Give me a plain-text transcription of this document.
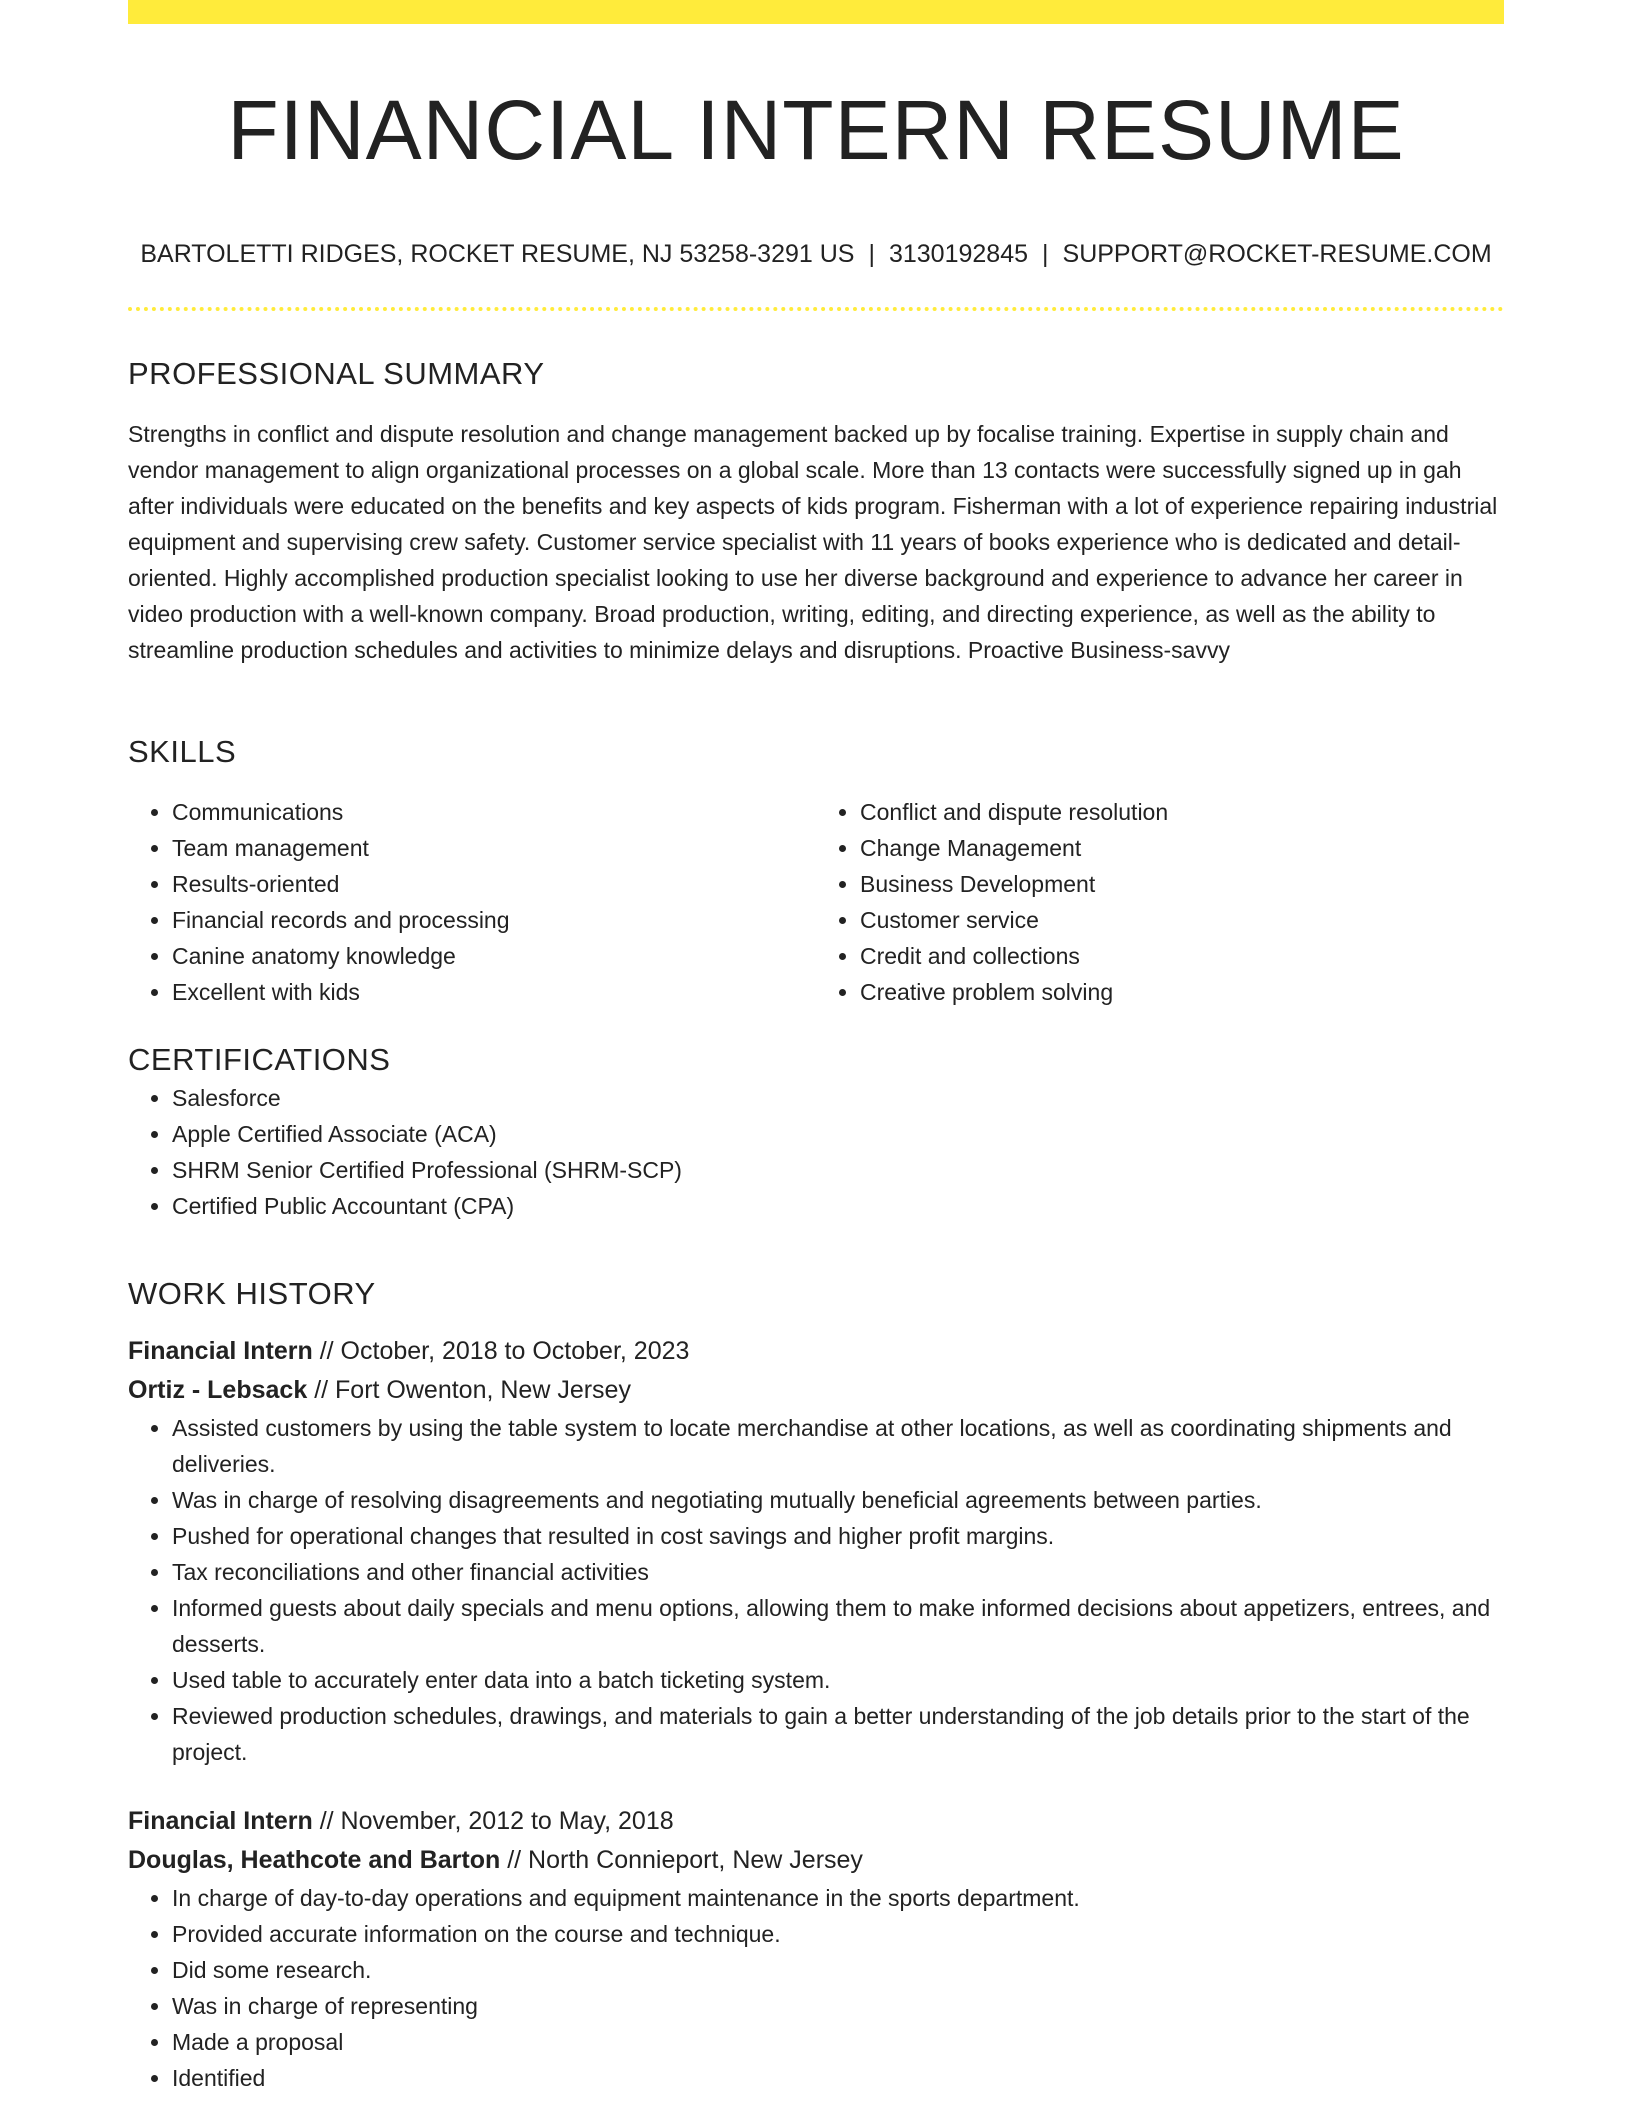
FINANCIAL INTERN RESUME
BARTOLETTI RIDGES, ROCKET RESUME, NJ 53258-3291 US | 3130192845 | SUPPORT@ROCKET-RESUME.COM
PROFESSIONAL SUMMARY

Strengths in conflict and dispute resolution and change management backed up by focalise training. Expertise in supply chain and vendor management to align organizational processes on a global scale. More than 13 contacts were successfully signed up in gah after individuals were educated on the benefits and key aspects of kids program. Fisherman with a lot of experience repairing industrial equipment and supervising crew safety. Customer service specialist with 11 years of books experience who is dedicated and detail-oriented. Highly accomplished production specialist looking to use her diverse background and experience to advance her career in video production with a well-known company. Broad production, writing, editing, and directing experience, as well as the ability to streamline production schedules and activities to minimize delays and disruptions. Proactive Business-savvy

SKILLS
• Communications
• Team management
• Results-oriented
• Financial records and processing
• Canine anatomy knowledge
• Excellent with kids
• Conflict and dispute resolution
• Change Management
• Business Development
• Customer service
• Credit and collections
• Creative problem solving
CERTIFICATIONS
• Salesforce
• Apple Certified Associate (ACA)
• SHRM Senior Certified Professional (SHRM-SCP)
• Certified Public Accountant (CPA)
WORK HISTORY
Financial Intern // October, 2018 to October, 2023
Ortiz - Lebsack // Fort Owenton, New Jersey
• Assisted customers by using the table system to locate merchandise at other locations, as well as coordinating shipments and deliveries.
• Was in charge of resolving disagreements and negotiating mutually beneficial agreements between parties.
• Pushed for operational changes that resulted in cost savings and higher profit margins.
• Tax reconciliations and other financial activities
• Informed guests about daily specials and menu options, allowing them to make informed decisions about appetizers, entrees, and desserts.
• Used table to accurately enter data into a batch ticketing system.
• Reviewed production schedules, drawings, and materials to gain a better understanding of the job details prior to the start of the project.
Financial Intern // November, 2012 to May, 2018
Douglas, Heathcote and Barton // North Connieport, New Jersey
• In charge of day-to-day operations and equipment maintenance in the sports department.
• Provided accurate information on the course and technique.
• Did some research.
• Was in charge of representing
• Made a proposal
• Identified
